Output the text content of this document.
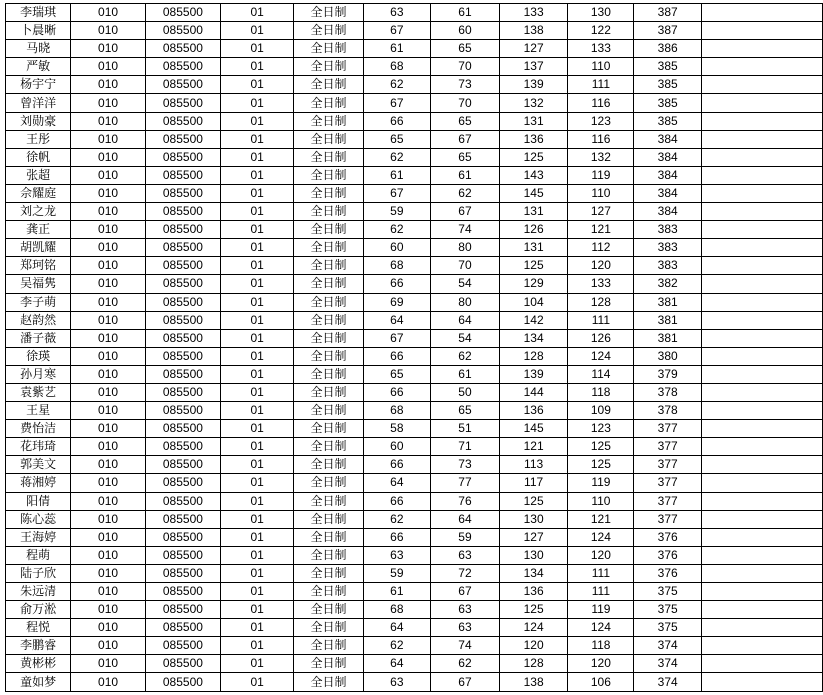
李瑞琪	010	085500	01	全日制	63	61	133	130	387	
卜晨晰	010	085500	01	全日制	67	60	138	122	387	
马晓	010	085500	01	全日制	61	65	127	133	386	
严敏	010	085500	01	全日制	68	70	137	110	385	
杨宇宁	010	085500	01	全日制	62	73	139	111	385	
曾洋洋	010	085500	01	全日制	67	70	132	116	385	
刘勋豪	010	085500	01	全日制	66	65	131	123	385	
王彤	010	085500	01	全日制	65	67	136	116	384	
徐帆	010	085500	01	全日制	62	65	125	132	384	
张超	010	085500	01	全日制	61	61	143	119	384	
佘耀庭	010	085500	01	全日制	67	62	145	110	384	
刘之龙	010	085500	01	全日制	59	67	131	127	384	
龚正	010	085500	01	全日制	62	74	126	121	383	
胡凯耀	010	085500	01	全日制	60	80	131	112	383	
郑珂铭	010	085500	01	全日制	68	70	125	120	383	
吴福隽	010	085500	01	全日制	66	54	129	133	382	
李子萌	010	085500	01	全日制	69	80	104	128	381	
赵韵然	010	085500	01	全日制	64	64	142	111	381	
潘子薇	010	085500	01	全日制	67	54	134	126	381	
徐瑛	010	085500	01	全日制	66	62	128	124	380	
孙月寒	010	085500	01	全日制	65	61	139	114	379	
袁紫艺	010	085500	01	全日制	66	50	144	118	378	
王星	010	085500	01	全日制	68	65	136	109	378	
费怡洁	010	085500	01	全日制	58	51	145	123	377	
花玮琦	010	085500	01	全日制	60	71	121	125	377	
郭美文	010	085500	01	全日制	66	73	113	125	377	
蒋湘婷	010	085500	01	全日制	64	77	117	119	377	
阳倩	010	085500	01	全日制	66	76	125	110	377	
陈心蕊	010	085500	01	全日制	62	64	130	121	377	
王海婷	010	085500	01	全日制	66	59	127	124	376	
程萌	010	085500	01	全日制	63	63	130	120	376	
陆子欣	010	085500	01	全日制	59	72	134	111	376	
朱远清	010	085500	01	全日制	61	67	136	111	375	
俞万淞	010	085500	01	全日制	68	63	125	119	375	
程悦	010	085500	01	全日制	64	63	124	124	375	
李鹏睿	010	085500	01	全日制	62	74	120	118	374	
黄彬彬	010	085500	01	全日制	64	62	128	120	374	
童如梦	010	085500	01	全日制	63	67	138	106	374	
